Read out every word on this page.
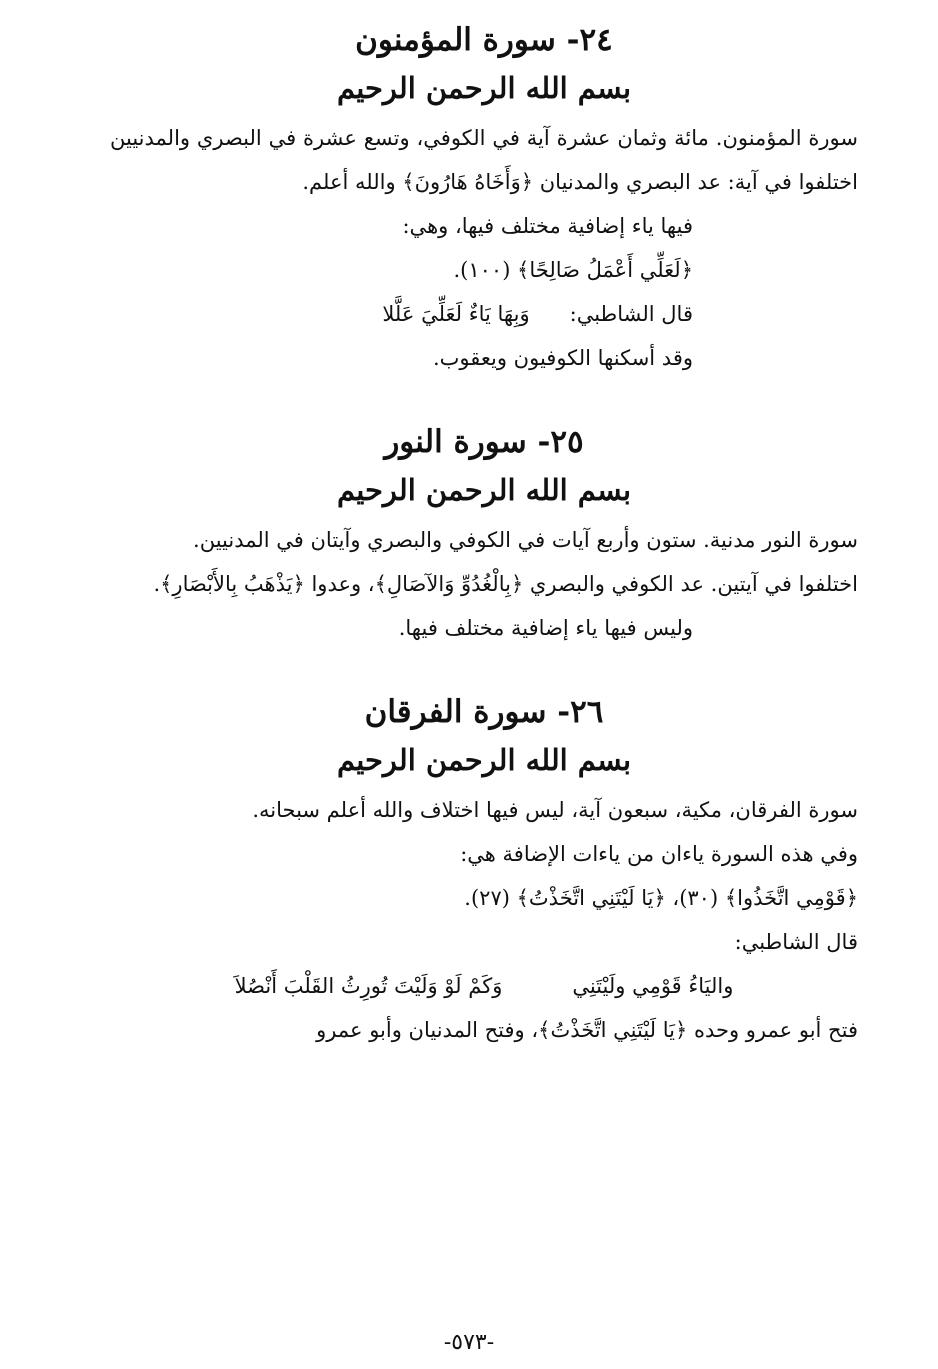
٢٤- سورة المؤمنون
بسم الله الرحمن الرحيم

سورة المؤمنون. مائة وثمان عشرة آية في الكوفي، وتسع عشرة في البصري والمدنيين اختلفوا في آية: عد البصري والمدنيان ﴿وَأَخَاهُ هَارُونَ﴾ والله أعلم.

فيها ياء إضافية مختلف فيها، وهي:

﴿لَعَلِّي أَعْمَلُ صَالِحًا﴾ (١٠٠).

قال الشاطبي:      وَبِهَا يَاءٌ لَعَلِّيَ عَلَّلا

وقد أسكنها الكوفيون ويعقوب.

٢٥- سورة النور
بسم الله الرحمن الرحيم

سورة النور مدنية. ستون وأربع آيات في الكوفي والبصري وآيتان في المدنيين.

اختلفوا في آيتين. عد الكوفي والبصري ﴿بِالْغُدُوِّ وَالآصَالِ﴾، وعدوا ﴿يَذْهَبُ بِالأَبْصَارِ﴾.

وليس فيها ياء إضافية مختلف فيها.

٢٦- سورة الفرقان
بسم الله الرحمن الرحيم

سورة الفرقان، مكية، سبعون آية، ليس فيها اختلاف والله أعلم سبحانه.

وفي هذه السورة ياءان من ياءات الإضافة هي:

﴿قَوْمِي اتَّخَذُوا﴾ (٣٠)، ﴿يَا لَيْتَنِي اتَّخَذْتُ﴾ (٢٧).

قال الشاطبي:

واليَاءُ قَوْمِي ولَيْتَنِي
وَكَمْ لَوْ وَلَيْتَ تُورِثُ القَلْبَ أَنْصُلاَ

فتح أبو عمرو وحده ﴿يَا لَيْتَنِي اتَّخَذْتُ﴾، وفتح المدنيان وأبو عمرو

-٥٧٣-
